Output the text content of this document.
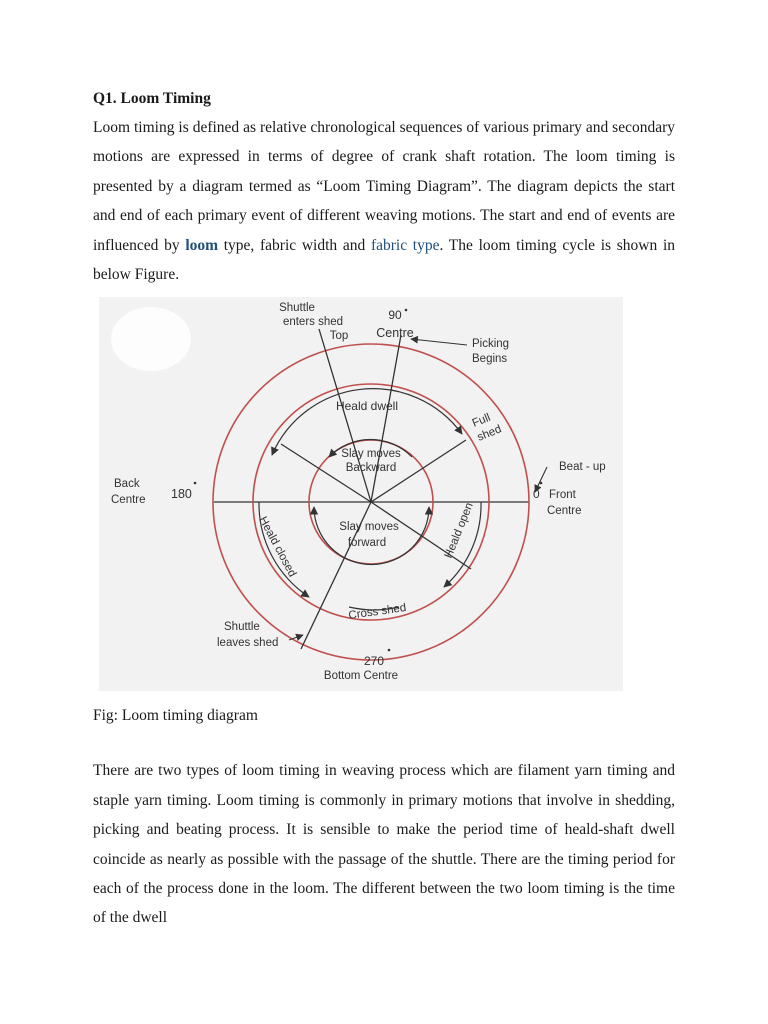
Q1. Loom Timing

Loom timing is defined as relative chronological sequences of various primary and secondary motions are expressed in terms of degree of crank shaft rotation. The loom timing is presented by a diagram termed as “Loom Timing Diagram”. The diagram depicts the start and end of each primary event of different weaving motions. The start and end of events are influenced by loom type, fabric width and fabric type. The loom timing cycle is shown in below Figure.

Shuttle
enters shed
Top
90
Centre
Picking
Begins
Heald dwell
Full
shed
Slay moves
Backward	Beat - up
0 Front
Centre
Back
Centre 180
Slay moves
forward
Heald closed	Heald open
Cross shed
Shuttle
leaves shed
270
Bottom Centre

Fig: Loom timing diagram

There are two types of loom timing in weaving process which are filament yarn timing and staple yarn timing. Loom timing is commonly in primary motions that involve in shedding, picking and beating process. It is sensible to make the period time of heald-shaft dwell coincide as nearly as possible with the passage of the shuttle. There are the timing period for each of the process done in the loom. The different between the two loom timing is the time of the dwell
